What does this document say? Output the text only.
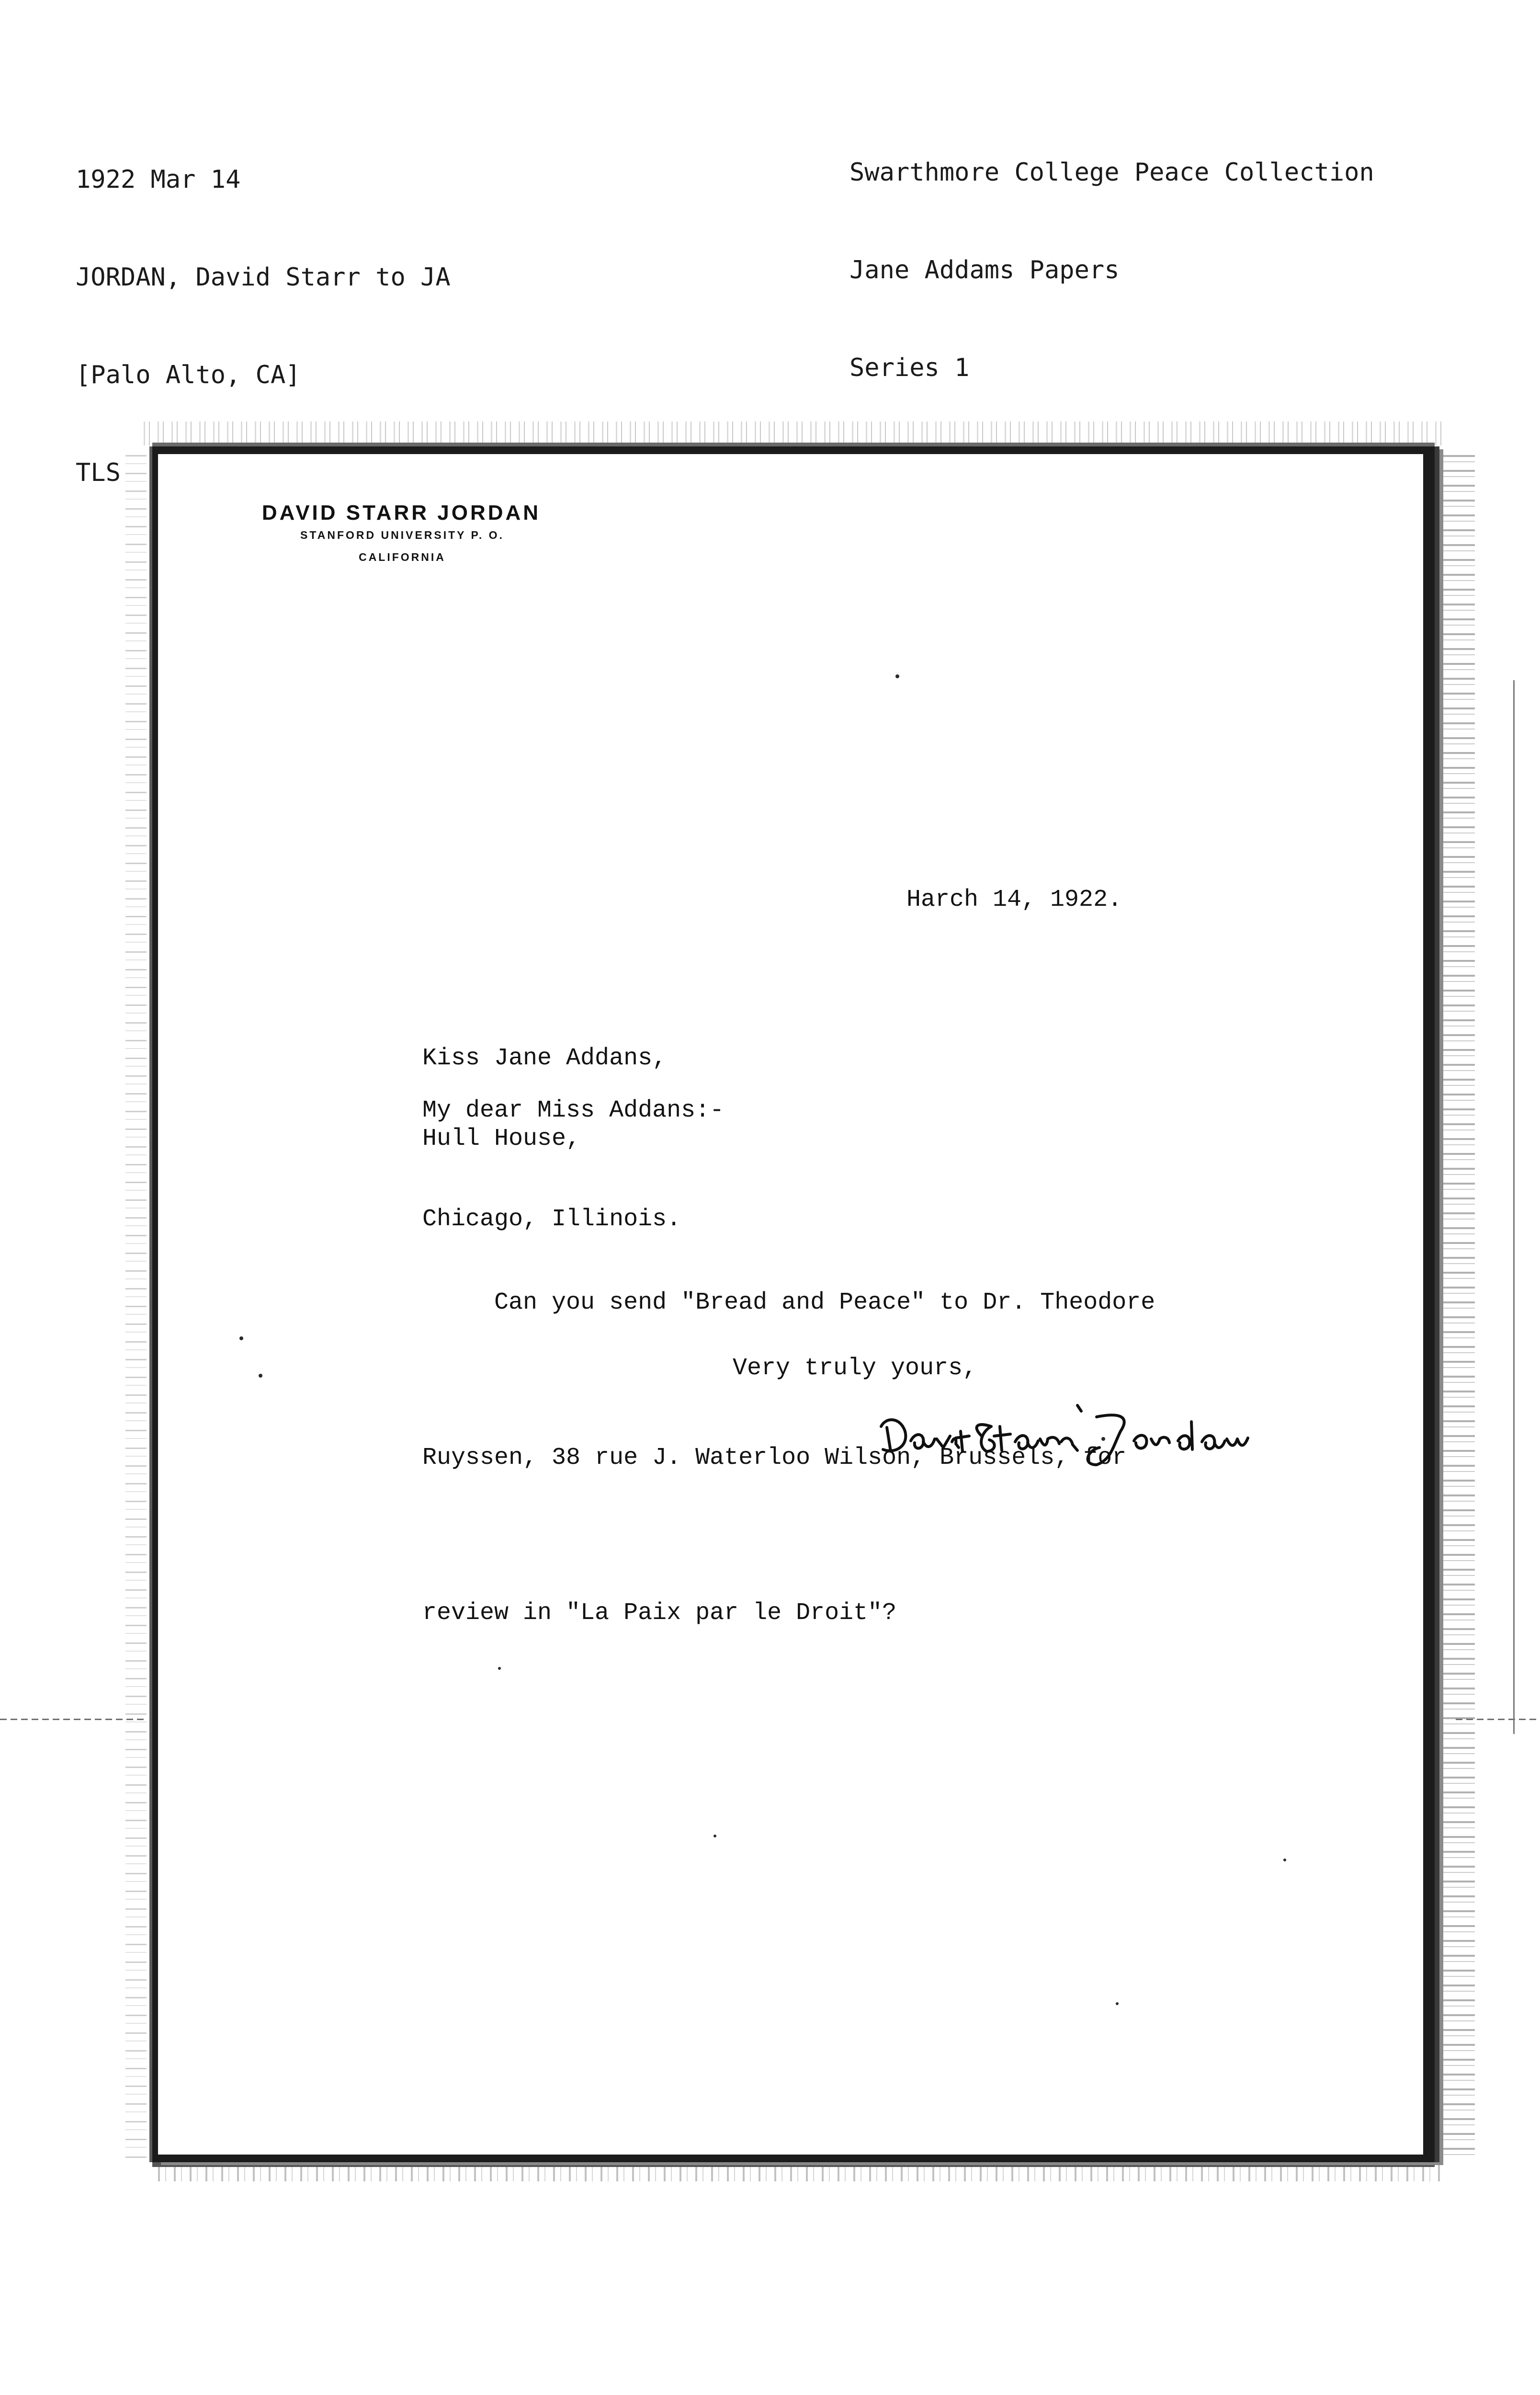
1922 Mar 14

JORDAN, David Starr to JA

[Palo Alto, CA]

TLS

Swarthmore College Peace Collection

Jane Addams Papers

Series 1

DAVID STARR JORDAN
STANFORD UNIVERSITY P. O.
CALIFORNIA
Harch 14, 1922.

Kiss Jane Addans,

Hull House,

Chicago, Illinois.

My dear Miss Addans:-

Can you send "Bread and Peace" to Dr. Theodore

Ruyssen, 38 rue J. Waterloo Wilson, Brussels, for

review in "La Paix par le Droit"?

Very truly yours,
